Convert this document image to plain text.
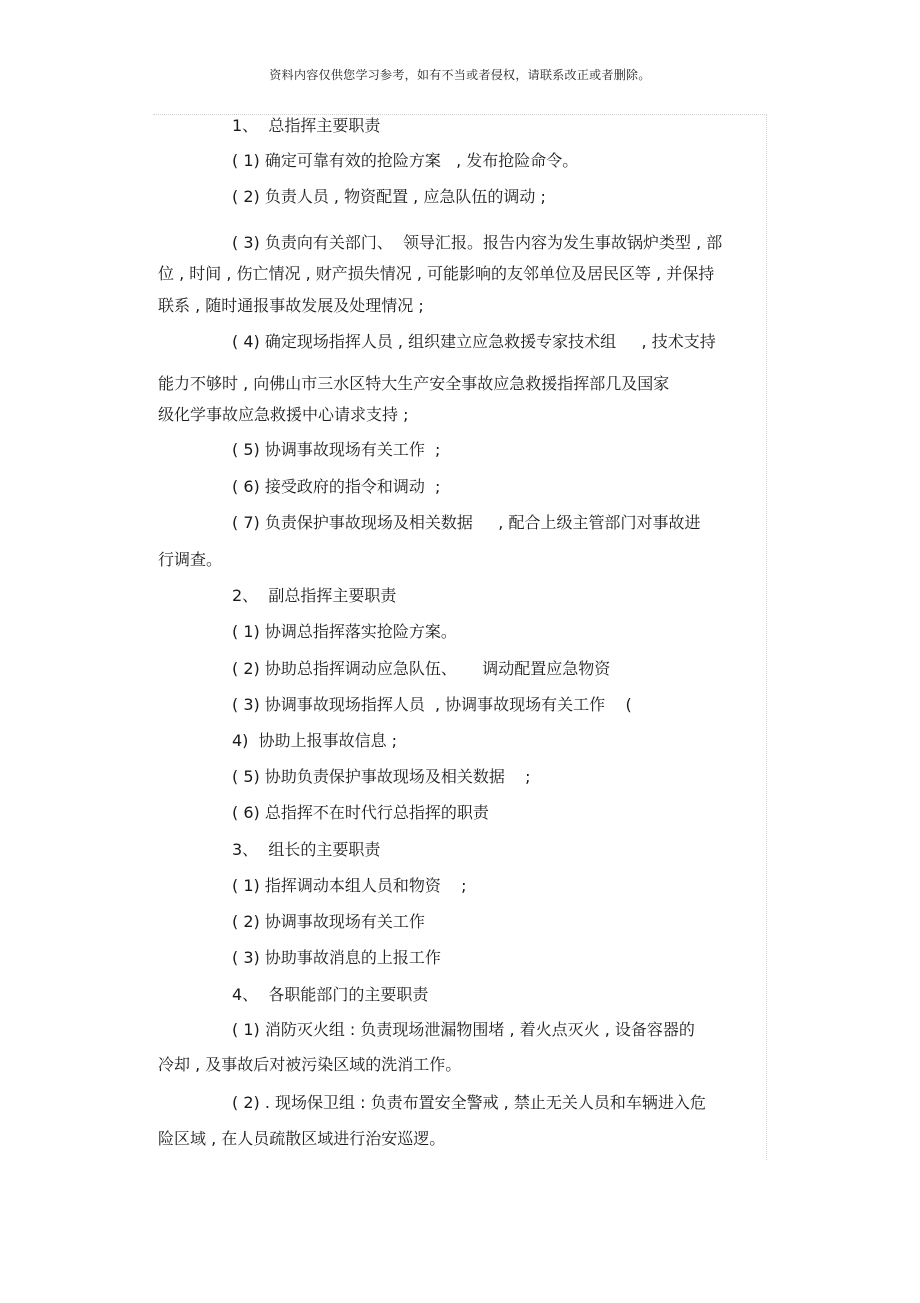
资料内容仅供您学习参考，如有不当或者侵权，请联系改正或者删除。
1、  总指挥主要职责
( 1) 确定可靠有效的抢险方案   , 发布抢险命令。
( 2) 负责人员 , 物资配置 , 应急队伍的调动 ;
( 3) 负责向有关部门、  领导汇报。报告内容为发生事故锅炉类型 , 部
位 , 时间 , 伤亡情况 , 财产损失情况 , 可能影响的友邻单位及居民区等 , 并保持
联系 , 随时通报事故发展及处理情况 ;
( 4) 确定现场指挥人员 , 组织建立应急救援专家技术组     , 技术支持
能力不够时 , 向佛山市三水区特大生产安全事故应急救援指挥部几及国家
级化学事故应急救援中心请求支持 ;
( 5) 协调事故现场有关工作  ;
( 6) 接受政府的指令和调动  ;
( 7) 负责保护事故现场及相关数据     , 配合上级主管部门对事故进
行调查。
2、  副总指挥主要职责
( 1) 协调总指挥落实抢险方案。
( 2) 协助总指挥调动应急队伍、     调动配置应急物资
( 3) 协调事故现场指挥人员  , 协调事故现场有关工作    (
4)  协助上报事故信息 ;
( 5) 协助负责保护事故现场及相关数据    ;
( 6) 总指挥不在时代行总指挥的职责
3、  组长的主要职责
( 1) 指挥调动本组人员和物资    ;
( 2) 协调事故现场有关工作
( 3) 协助事故消息的上报工作
4、  各职能部门的主要职责
( 1) 消防灭火组 : 负责现场泄漏物围堵 , 着火点灭火 , 设备容器的
冷却 , 及事故后对被污染区域的洗消工作。
( 2) . 现场保卫组 : 负责布置安全警戒 , 禁止无关人员和车辆进入危
险区域 , 在人员疏散区域进行治安巡逻。
